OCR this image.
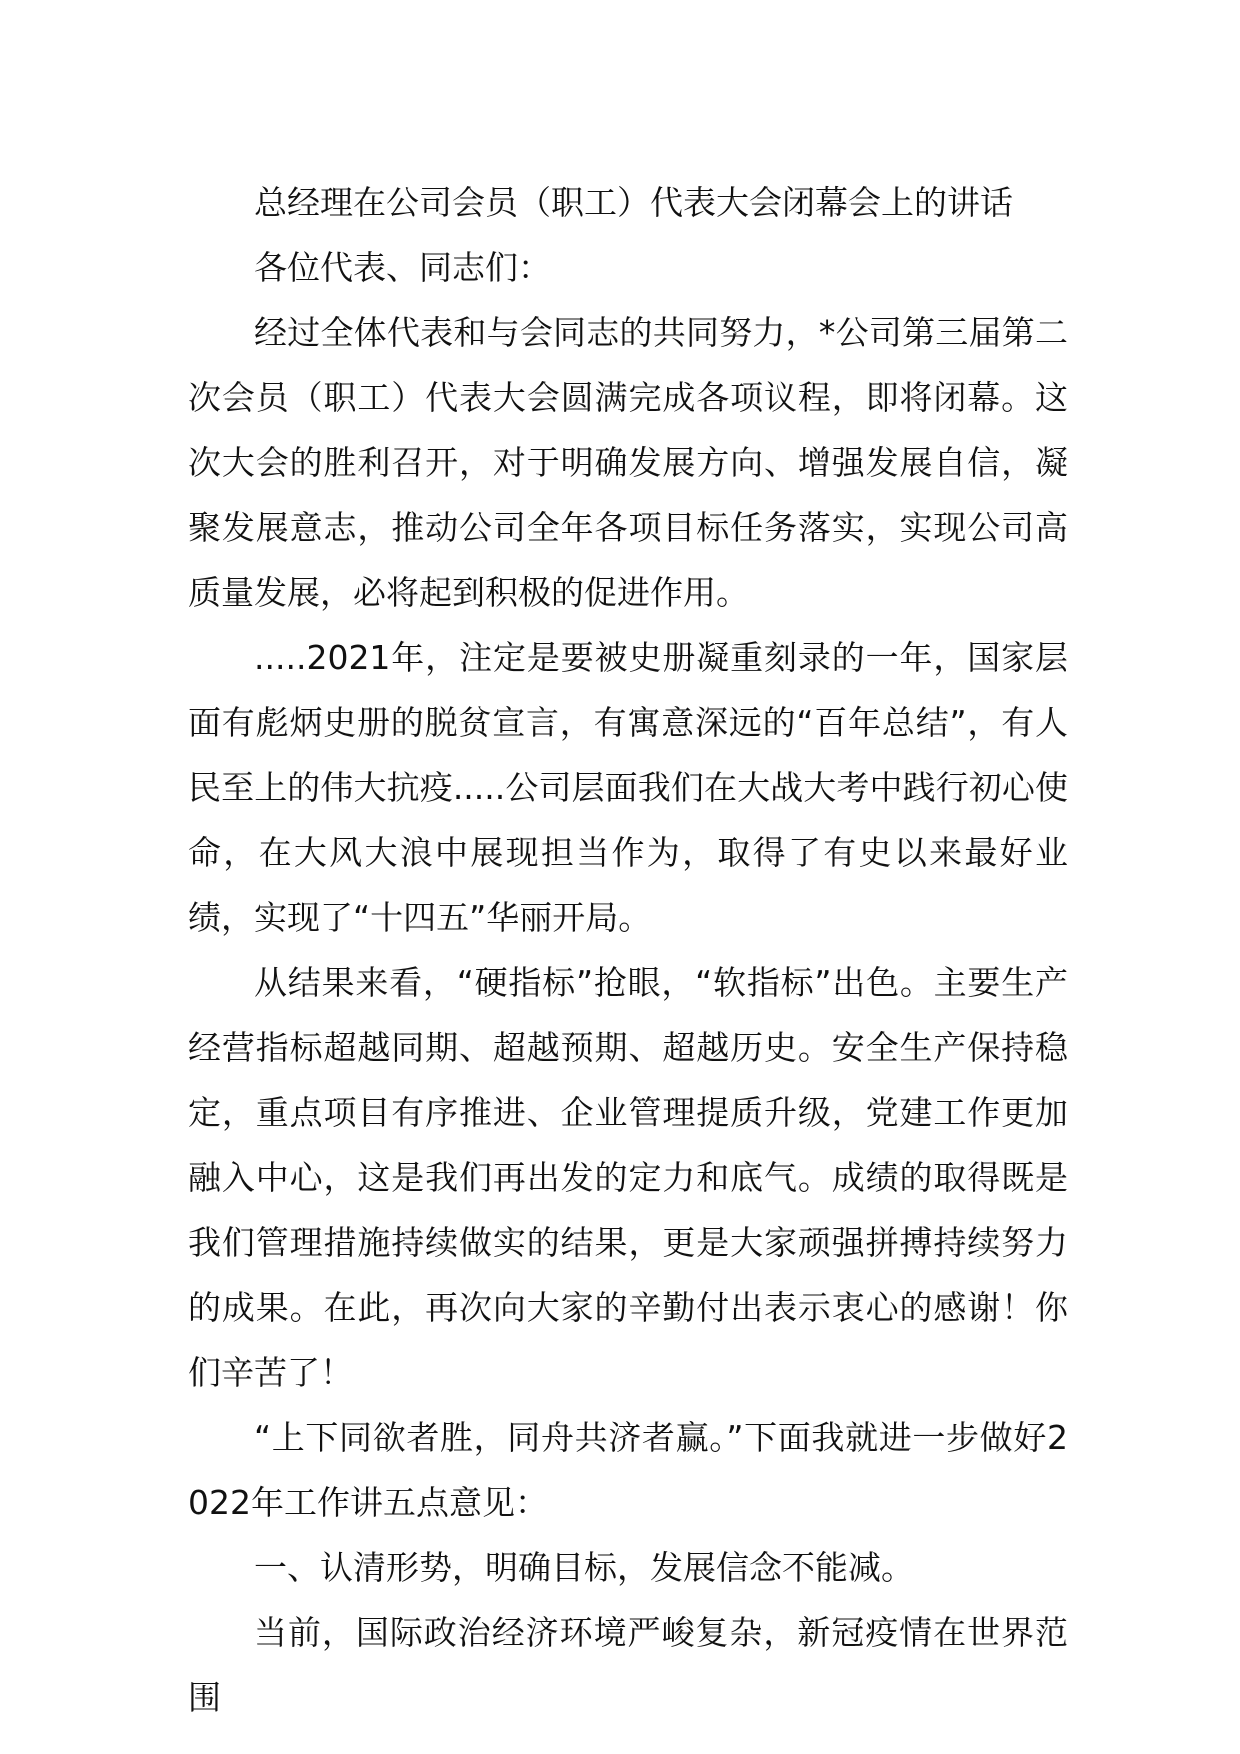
总经理在公司会员（职工）代表大会闭幕会上的讲话

各位代表、同志们：

经过全体代表和与会同志的共同努力，*公司第三届第二次会员（职工）代表大会圆满完成各项议程，即将闭幕。这次大会的胜利召开，对于明确发展方向、增强发展自信，凝聚发展意志，推动公司全年各项目标任务落实，实现公司高质量发展，必将起到积极的促进作用。

.....2021年，注定是要被史册凝重刻录的一年，国家层面有彪炳史册的脱贫宣言，有寓意深远的“百年总结”，有人民至上的伟大抗疫.....公司层面我们在大战大考中践行初心使命，在大风大浪中展现担当作为，取得了有史以来最好业绩，实现了“十四五”华丽开局。

从结果来看，“硬指标”抢眼，“软指标”出色。主要生产经营指标超越同期、超越预期、超越历史。安全生产保持稳定，重点项目有序推进、企业管理提质升级，党建工作更加融入中心，这是我们再出发的定力和底气。成绩的取得既是我们管理措施持续做实的结果，更是大家顽强拼搏持续努力的成果。在此，再次向大家的辛勤付出表示衷心的感谢！你们辛苦了！

“上下同欲者胜，同舟共济者赢。”下面我就进一步做好2022年工作讲五点意见：

一、认清形势，明确目标，发展信念不能减。

当前，国际政治经济环境严峻复杂，新冠疫情在世界范围
